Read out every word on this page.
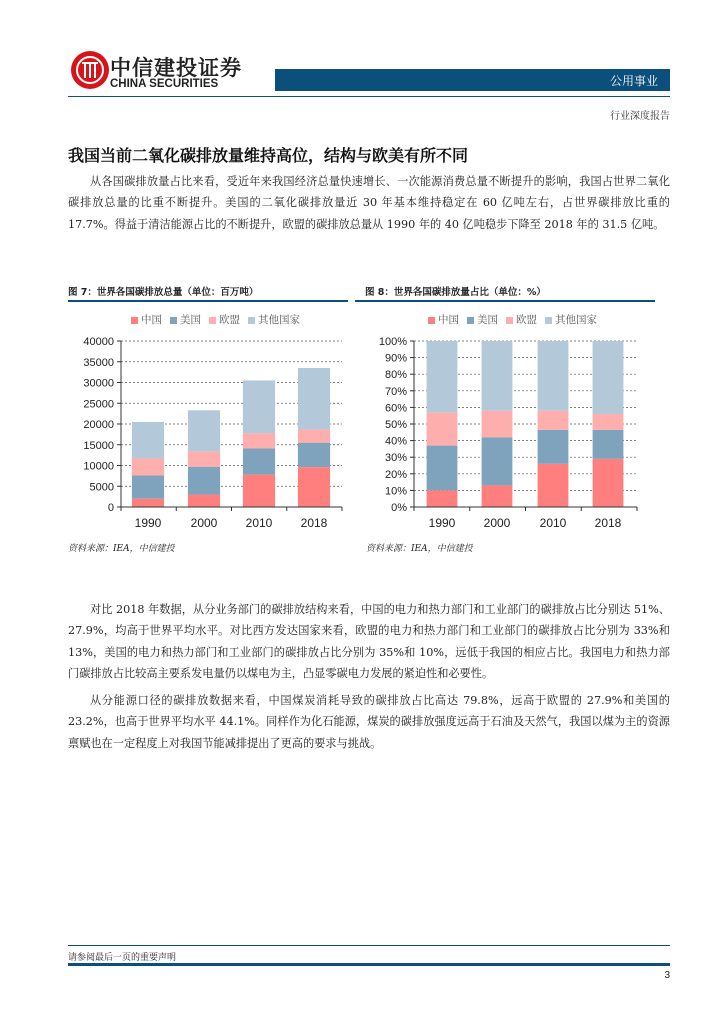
中信建投证券
CHINA SECURITIES	公用事业
行业深度报告
我国当前二氧化碳排放量维持高位，结构与欧美有所不同
从各国碳排放量占比来看，受近年来我国经济总量快速增长、一次能源消费总量不断提升的影响，我国占世界二氧化碳排放总量的比重不断提升。美国的二氧化碳排放量近 30 年基本维持稳定在 60 亿吨左右，占世界碳排放比重的 17.7%。得益于清洁能源占比的不断提升，欧盟的碳排放总量从 1990 年的 40 亿吨稳步下降至 2018 年的 31.5 亿吨。
图 7：世界各国碳排放总量（单位：百万吨）
中国	美国	欧盟	其他国家
0
5000
10000
15000
20000
25000
30000
35000
40000
1990 2000 2010 2018
资料来源：IEA，中信建投
图 8：世界各国碳排放量占比（单位：%）
中国	美国	欧盟	其他国家
0%
10%
20%
30%
40%
50%
60%
70%
80%
90%
100%
1990 2000 2010 2018
资料来源：IEA，中信建投
对比 2018 年数据，从分业务部门的碳排放结构来看，中国的电力和热力部门和工业部门的碳排放占比分别达 51%、27.9%，均高于世界平均水平。对比西方发达国家来看，欧盟的电力和热力部门和工业部门的碳排放占比分别为 33%和 13%，美国的电力和热力部门和工业部门的碳排放占比分别为 35%和 10%，远低于我国的相应占比。我国电力和热力部门碳排放占比较高主要系发电量仍以煤电为主，凸显零碳电力发展的紧迫性和必要性。
从分能源口径的碳排放数据来看，中国煤炭消耗导致的碳排放占比高达 79.8%，远高于欧盟的 27.9%和美国的 23.2%，也高于世界平均水平 44.1%。同样作为化石能源，煤炭的碳排放强度远高于石油及天然气，我国以煤为主的资源禀赋也在一定程度上对我国节能减排提出了更高的要求与挑战。
请参阅最后一页的重要声明
3
